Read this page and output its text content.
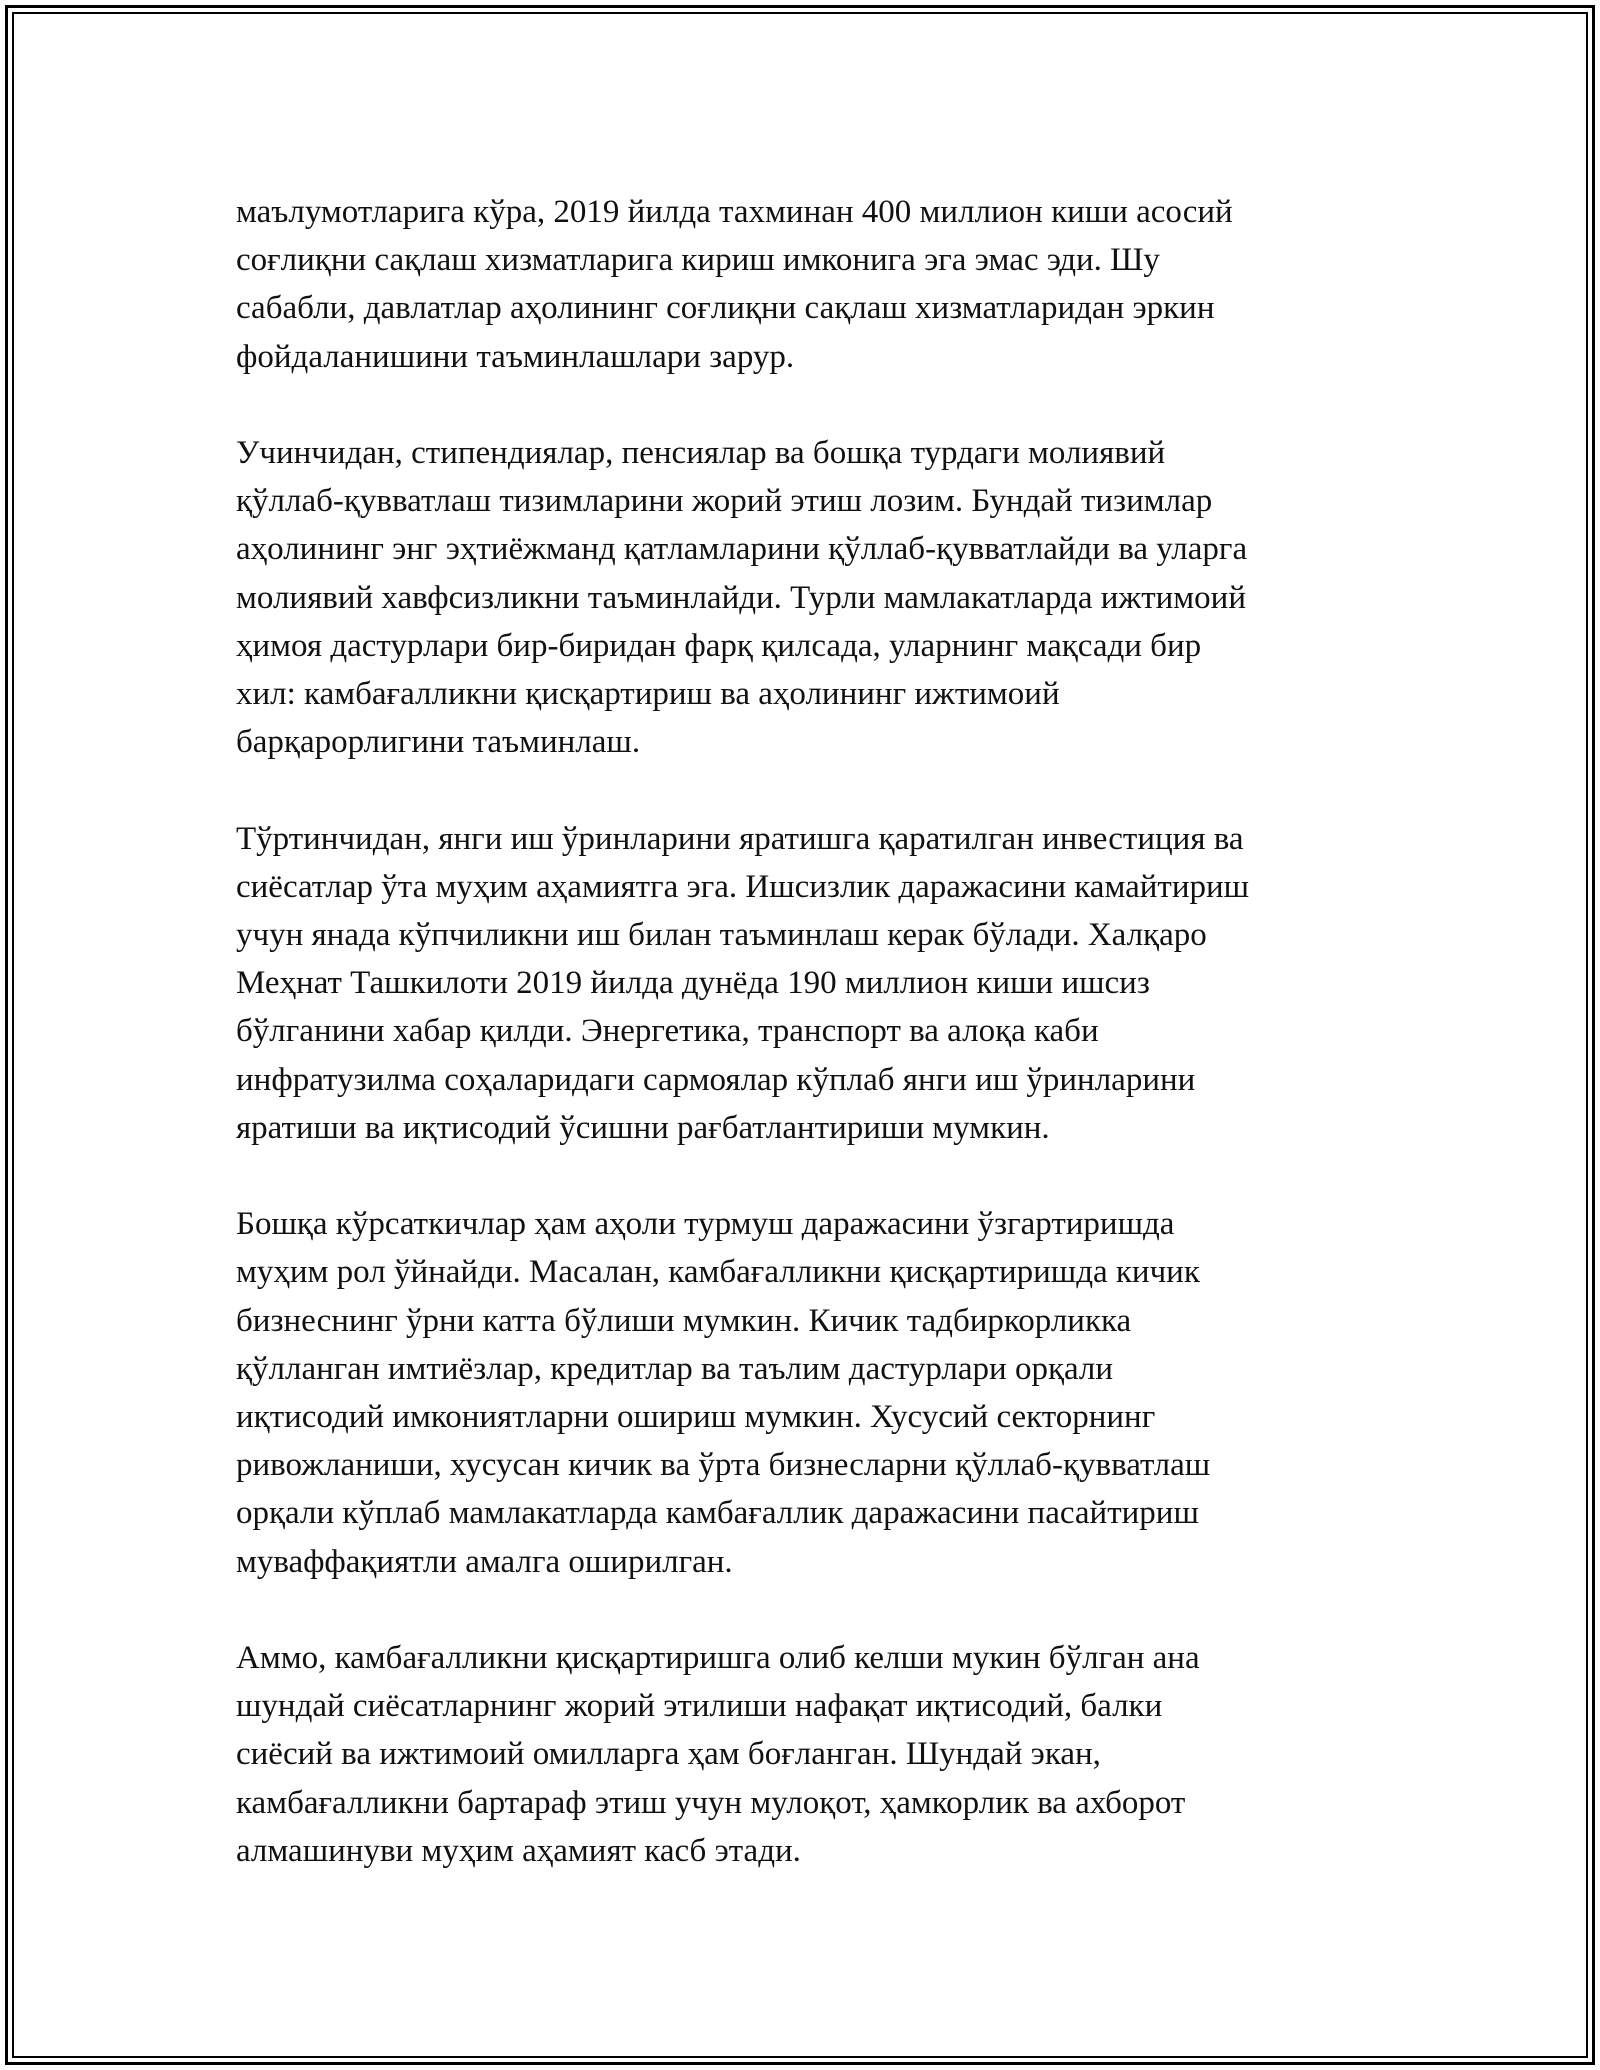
маълумотларига кўра, 2019 йилда тахминан 400 миллион киши асосий
соғлиқни сақлаш хизматларига кириш имконига эга эмас эди. Шу
сабабли, давлатлар аҳолининг соғлиқни сақлаш хизматларидан эркин
фойдаланишини таъминлашлари зарур.

Учинчидан, стипендиялар, пенсиялар ва бошқа турдаги молиявий
қўллаб-қувватлаш тизимларини жорий этиш лозим. Бундай тизимлар
аҳолининг энг эҳтиёжманд қатламларини қўллаб-қувватлайди ва уларга
молиявий хавфсизликни таъминлайди. Турли мамлакатларда ижтимоий
ҳимоя дастурлари бир-биридан фарқ қилсада, уларнинг мақсади бир
хил: камбағалликни қисқартириш ва аҳолининг ижтимоий
барқарорлигини таъминлаш.

Тўртинчидан, янги иш ўринларини яратишга қаратилган инвестиция ва
сиёсатлар ўта муҳим аҳамиятга эга. Ишсизлик даражасини камайтириш
учун янада кўпчиликни иш билан таъминлаш керак бўлади. Халқаро
Меҳнат Ташкилоти 2019 йилда дунёда 190 миллион киши ишсиз
бўлганини хабар қилди. Энергетика, транспорт ва алоқа каби
инфратузилма соҳаларидаги сармоялар кўплаб янги иш ўринларини
яратиши ва иқтисодий ўсишни рағбатлантириши мумкин.

Бошқа кўрсаткичлар ҳам аҳоли турмуш даражасини ўзгартиришда
муҳим рол ўйнайди. Масалан, камбағалликни қисқартиришда кичик
бизнеснинг ўрни катта бўлиши мумкин. Кичик тадбиркорликка
қўлланган имтиёзлар, кредитлар ва таълим дастурлари орқали
иқтисодий имкониятларни ошириш мумкин. Хусусий секторнинг
ривожланиши, хусусан кичик ва ўрта бизнесларни қўллаб-қувватлаш
орқали кўплаб мамлакатларда камбағаллик даражасини пасайтириш
муваффақиятли амалга оширилган.

Аммо, камбағалликни қисқартиришга олиб келши мукин бўлган ана
шундай сиёсатларнинг жорий этилиши нафақат иқтисодий, балки
сиёсий ва ижтимоий омилларга ҳам боғланган. Шундай экан,
камбағалликни бартараф этиш учун мулоқот, ҳамкорлик ва ахборот
алмашинуви муҳим аҳамият касб этади.
